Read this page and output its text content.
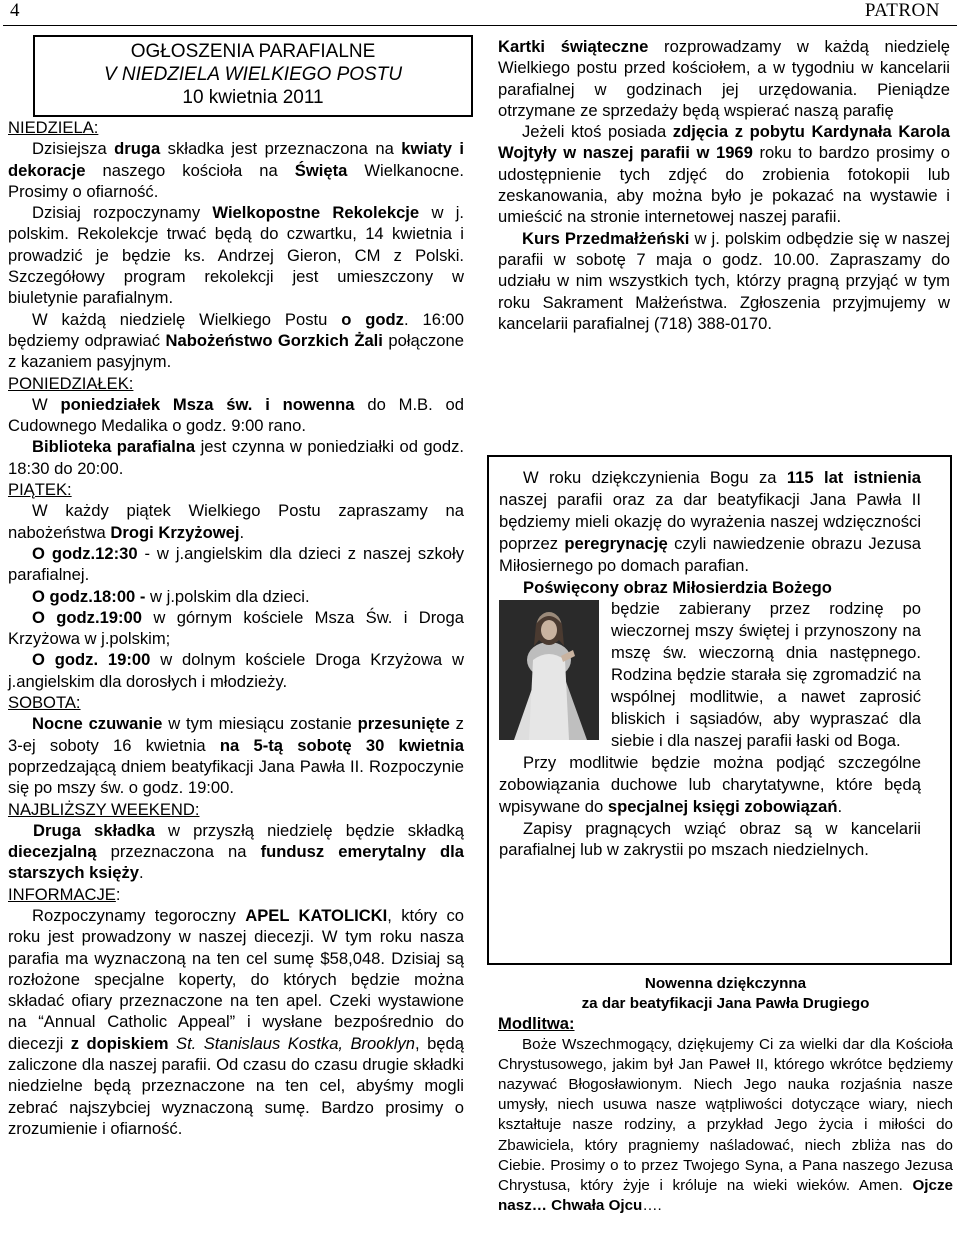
4	PATRON
OGŁOSZENIA PARAFIALNE
V NIEDZIELA WIELKIEGO POSTU
10 kwietnia 2011
NIEDZIELA:

Dzisiejsza druga składka jest przeznaczona na kwiaty i dekoracje naszego kościoła na Święta Wielkanocne. Prosimy o ofiarność.

Dzisiaj rozpoczynamy Wielkopostne Rekolekcje w j. polskim. Rekolekcje trwać będą do czwartku, 14 kwietnia i prowadzić je będzie ks. Andrzej Gieron, CM z Polski. Szczegółowy program rekolekcji jest umieszczony w biuletynie parafialnym.

W każdą niedzielę Wielkiego Postu o godz. 16:00 będziemy odprawiać Nabożeństwo Gorzkich Żali połączone z kazaniem pasyjnym.

PONIEDZIAŁEK:

W poniedziałek Msza św. i nowenna do M.B. od Cudownego Medalika o godz. 9:00 rano.

Biblioteka parafialna jest czynna w poniedziałki od godz. 18:30 do 20:00.

PIĄTEK:

W każdy piątek Wielkiego Postu zapraszamy na nabożeństwa Drogi Krzyżowej.

O godz.12:30 - w j.angielskim dla dzieci z naszej szkoły parafialnej.

O godz.18:00 - w j.polskim dla dzieci.

O godz.19:00 w górnym kościele Msza Św. i Droga Krzyżowa w j.polskim;

O godz. 19:00 w dolnym kościele Droga Krzyżowa w j.angielskim dla dorosłych i młodzieży.

SOBOTA:

Nocne czuwanie w tym miesiącu zostanie przesunięte z 3-ej soboty 16 kwietnia na 5-tą sobotę 30 kwietnia poprzedzającą dniem beatyfikacji Jana Pawła II. Rozpoczynie się po mszy św. o godz. 19:00.

NAJBLIŻSZY WEEKEND:

Druga składka w przyszłą niedzielę będzie składką diecezjalną przeznaczona na fundusz emerytalny dla starszych księży.

INFORMACJE:

Rozpoczynamy tegoroczny APEL KATOLICKI, który co roku jest prowadzony w naszej diecezji. W tym roku nasza parafia ma wyznaczoną na ten cel sumę $58,048. Dzisiaj są rozłożone specjalne koperty, do których będzie można składać ofiary przeznaczone na ten apel. Czeki wystawione na “Annual Catholic Appeal” i wysłane bezpośrednio do diecezji z dopiskiem St. Stanislaus Kostka, Brooklyn, będą zaliczone dla naszej parafii. Od czasu do czasu drugie składki niedzielne będą przeznaczone na ten cel, abyśmy mogli zebrać najszybciej wyznaczoną sumę. Bardzo prosimy o zrozumienie i ofiarność.

Kartki świąteczne rozprowadzamy w każdą niedzielę Wielkiego postu przed kościołem, a w tygodniu w kancelarii parafialnej w godzinach jej urzędowania. Pieniądze otrzymane ze sprzedaży będą wspierać naszą parafię

Jeżeli ktoś posiada zdjęcia z pobytu Kardynała Karola Wojtyły w naszej parafii w 1969 roku to bardzo prosimy o udostępnienie tych zdjęć do zrobienia fotokopii lub zeskanowania, aby można było je pokazać na wystawie i umieścić na stronie internetowej naszej parafii.

Kurs Przedmałżeński w j. polskim odbędzie się w naszej parafii w sobotę 7 maja o godz. 10.00. Zapraszamy do udziału w nim wszystkich tych, którzy pragną przyjąć w tym roku Sakrament Małżeństwa. Zgłoszenia przyjmujemy w kancelarii parafialnej (718) 388-0170.

W roku dziękczynienia Bogu za 115 lat istnienia naszej parafii oraz za dar beatyfikacji Jana Pawła II będziemy mieli okazję do wyrażenia naszej wdzięczności poprzez peregrynację czyli nawiedzenie obrazu Jezusa Miłosiernego po domach parafian.

Poświęcony obraz Miłosierdzia Bożego

będzie zabierany przez rodzinę po wieczornej mszy świętej i przynoszony na mszę św. wieczorną dnia następnego. Rodzina będzie starała się zgromadzić na wspólnej modlitwie, a nawet zaprosić bliskich i sąsiadów, aby wypraszać dla siebie i dla naszej parafii łaski od Boga.

Przy modlitwie będzie można podjąć szczególne zobowiązania duchowe lub charytatywne, które będą wpisywane do specjalnej księgi zobowiązań.

Zapisy pragnących wziąć obraz są w kancelarii parafialnej lub w zakrystii po mszach niedzielnych.

Nowenna dziękczynna
za dar beatyfikacji Jana Pawła Drugiego
Modlitwa:

Boże Wszechmogący, dziękujemy Ci za wielki dar dla Kościoła Chrystusowego, jakim był Jan Paweł II, którego wkrótce będziemy nazywać Błogosławionym. Niech Jego nauka rozjaśnia nasze umysły, niech usuwa nasze wątpliwości dotyczące wiary, niech kształtuje nasze rodziny, a przykład Jego życia i miłości do Zbawiciela, który pragniemy naśladować, niech zbliża nas do Ciebie. Prosimy o to przez Twojego Syna, a Pana naszego Jezusa Chrystusa, który żyje i króluje na wieki wieków. Amen. Ojcze nasz… Chwała Ojcu….
